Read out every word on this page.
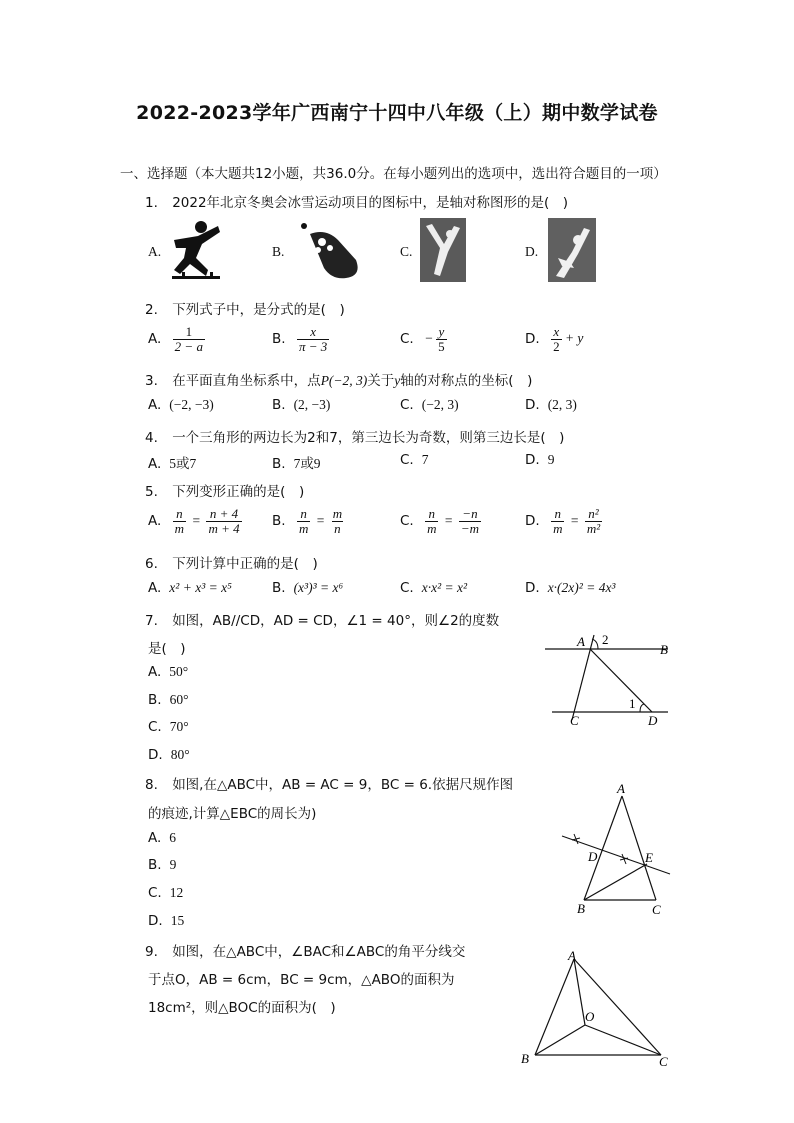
2022-2023学年广西南宁十四中八年级（上）期中数学试卷
一、选择题（本大题共12小题，共36.0分。在每小题列出的选项中，选出符合题目的一项）
1. 2022年北京冬奥会冰雪运动项目的图标中，是轴对称图形的是(　)
A.	B.	C.	D.
2. 下列式子中，是分式的是(　)
A. $\frac{1}{2 - a}$	B. $\frac{x}{\pi - 3}$	C. − $\frac{y}{5}$	D. $\frac{x}{2} + y$
3. 在平面直角坐标系中，点P(−2, 3)关于y轴的对称点的坐标(　)
A. (−2, −3)	B. (2, −3)	C. (−2, 3)	D. (2, 3)
4. 一个三角形的两边长为2和7，第三边长为奇数，则第三边长是(　)
A. 5或7	B. 7或9	C. 7	D. 9
5. 下列变形正确的是(　)
A. $\frac{n}{m} = \frac{n + 4}{m + 4} B$. $\frac{n}{m} = \frac{m}{n}$	C. $\frac{n}{m} = \frac{-n}{-m}$	D. $\frac{n}{m} = \frac{\text{n²}}{\text{m²}}$
6. 下列计算中正确的是(　)
A. x² + x³ = x⁵	B. (x³)³ = x⁶	C. x·x² = x²	D. x·(2x)² = 4x³
7. 如图，AB//CD，AD = CD，∠1 = 40°，则∠2的度数
是(　)
A. 50°
B. 60°
C. 70°
D. 80°
A 2
B
1
C	D
8. 如图,在△ABC中，AB = AC = 9，BC = 6.依据尺规作图
的痕迹,计算△EBC的周长为)
A. 6
B. 9
C. 12
D. 15
A
D	E
B	C
9. 如图，在△ABC中，∠BAC和∠ABC的角平分线交
于点O，AB = 6cm，BC = 9cm，△ABO的面积为
18cm²，则△BOC的面积为(　)
A
O
B	C
